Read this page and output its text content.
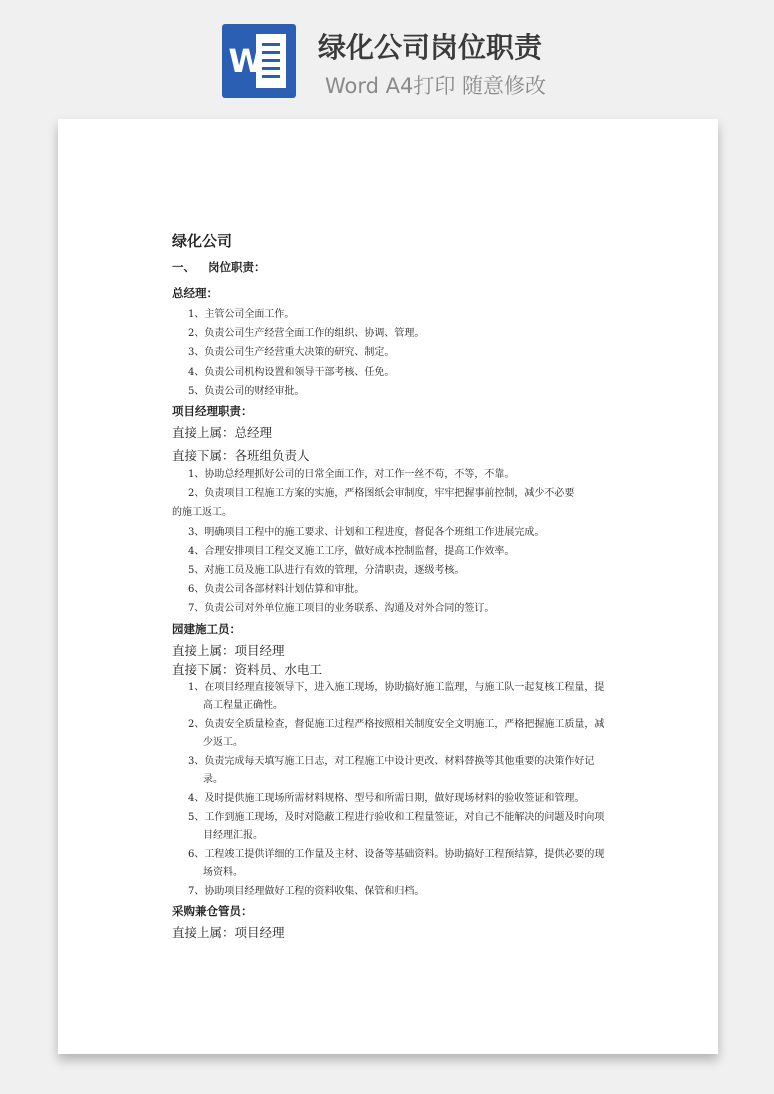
W 绿化公司岗位职责
Word A4打印 随意修改
绿化公司
一、 岗位职责：
总经理：
1、主管公司全面工作。
2、负责公司生产经营全面工作的组织、协调、管理。
3、负责公司生产经营重大决策的研究、制定。
4、负责公司机构设置和领导干部考核、任免。
5、负责公司的财经审批。
项目经理职责：

直接上属：总经理

直接下属：各班组负责人

1、协助总经理抓好公司的日常全面工作，对工作一丝不苟，不等，不靠。
2、负责项目工程施工方案的实施，严格图纸会审制度，牢牢把握事前控制，减少不必要
的施工返工。
3、明确项目工程中的施工要求、计划和工程进度，督促各个班组工作进展完成。
4、合理安排项目工程交叉施工工序，做好成本控制监督，提高工作效率。
5、对施工员及施工队进行有效的管理，分清职责，逐级考核。
6、负责公司各部材料计划估算和审批。
7、负责公司对外单位施工项目的业务联系、沟通及对外合同的签订。
园建施工员：

直接上属：项目经理

直接下属：资料员、水电工

1、在项目经理直接领导下，进入施工现场，协助搞好施工监理，与施工队一起复核工程量，提高工程量正确性。
2、负责安全质量检查，督促施工过程严格按照相关制度安全文明施工，严格把握施工质量，减少返工。
3、负责完成每天填写施工日志，对工程施工中设计更改、材料替换等其他重要的决策作好记录。
4、及时提供施工现场所需材料规格、型号和所需日期，做好现场材料的验收签证和管理。
5、工作到施工现场，及时对隐蔽工程进行验收和工程量签证，对自己不能解决的问题及时向项目经理汇报。
6、工程竣工提供详细的工作量及主材、设备等基础资料。协助搞好工程预结算，提供必要的现场资料。
7、协助项目经理做好工程的资料收集、保管和归档。
采购兼仓管员：

直接上属：项目经理
